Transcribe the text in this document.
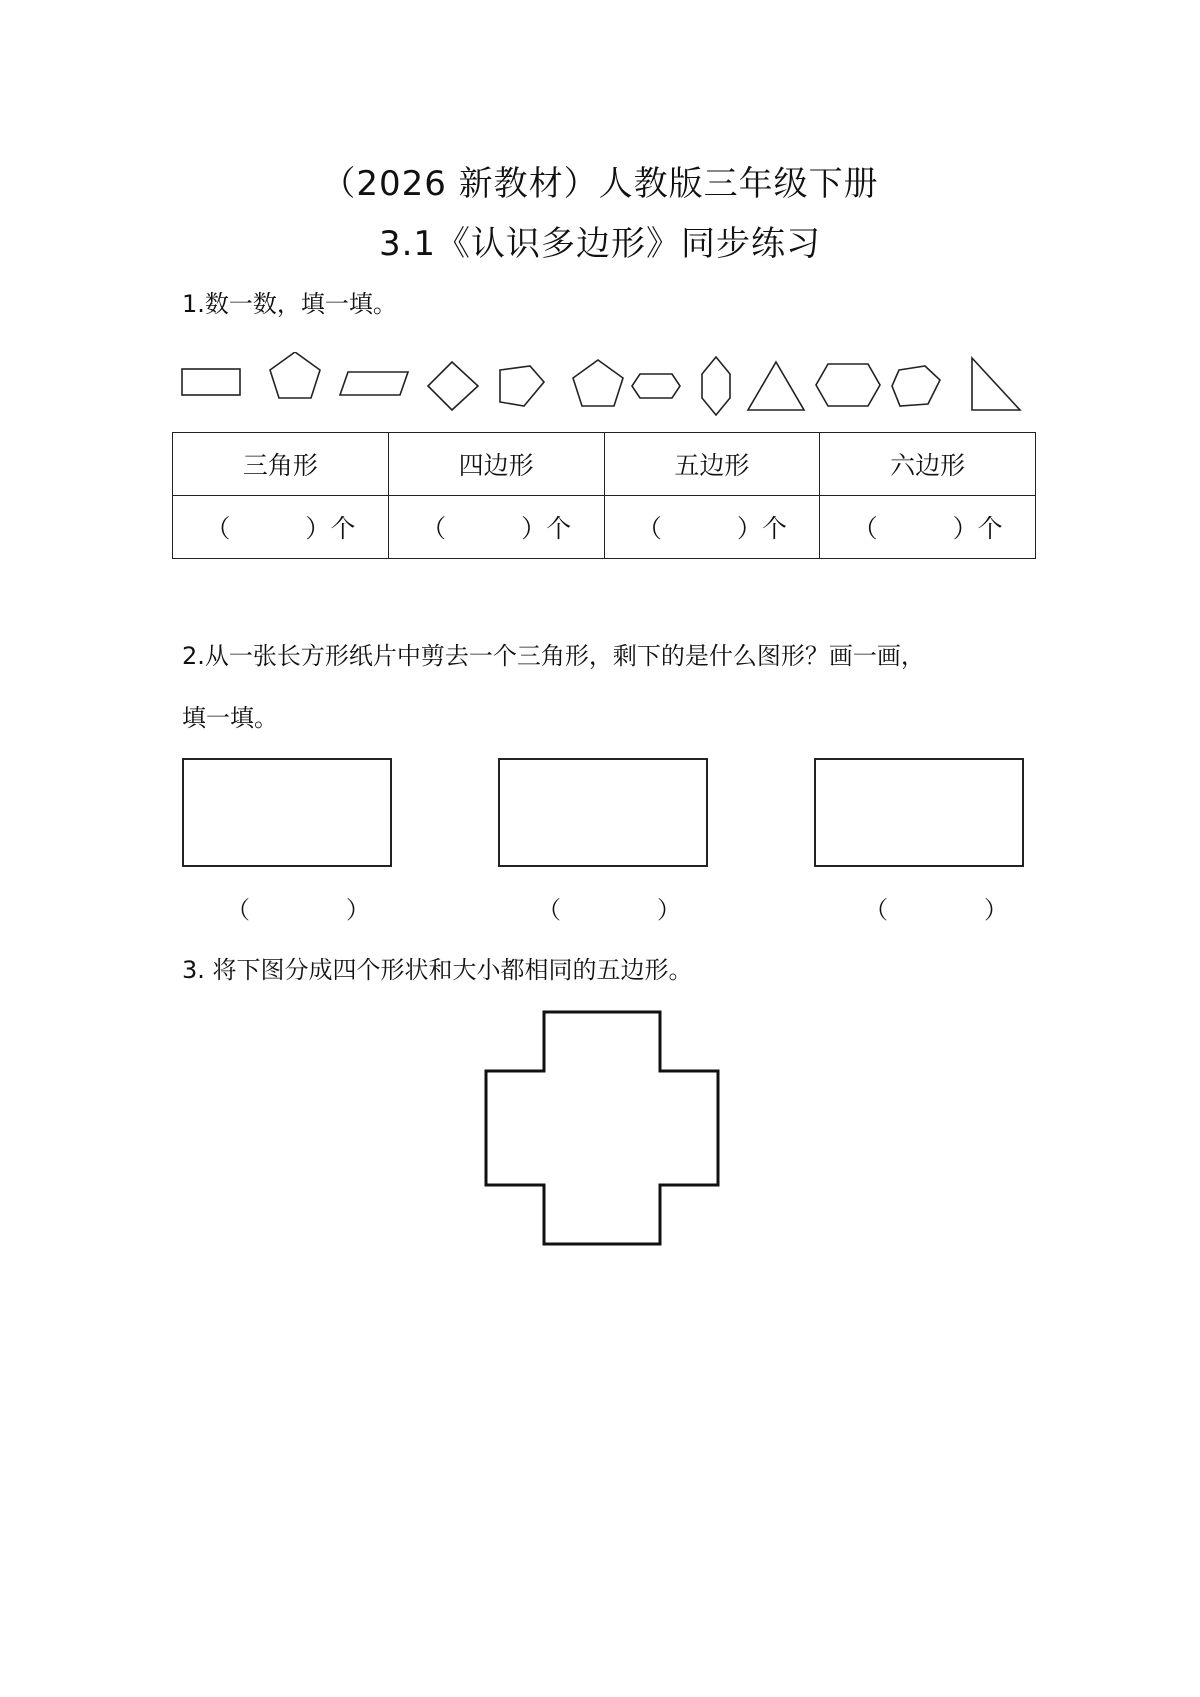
（2026 新教材）人教版三年级下册
3.1《认识多边形》同步练习
1.数一数，填一填。
三角形	四边形	五边形	六边形
（　　　）个	（　　　）个	（　　　）个	（　　　）个
2.从一张长方形纸片中剪去一个三角形，剩下的是什么图形？画一画，
填一填。
（　　　　）	（　　　　）	（　　　　）
3. 将下图分成四个形状和大小都相同的五边形。
